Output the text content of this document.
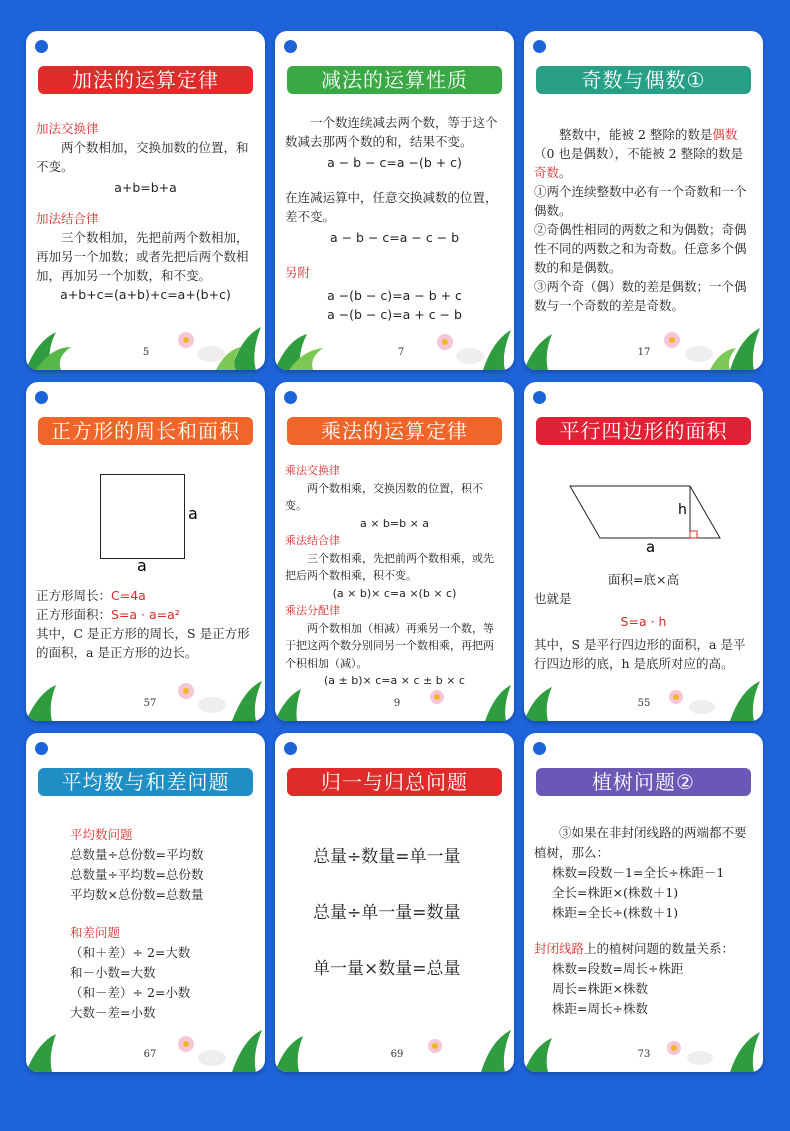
加法的运算定律

加法交换律

两个数相加，交换加数的位置，和不变。

a+b=b+a

加法结合律

三个数相加，先把前两个数相加，再加另一个加数；或者先把后两个数相加，再加另一个加数，和不变。

a+b+c=(a+b)+c=a+(b+c)

5
减法的运算性质

一个数连续减去两个数，等于这个数减去那两个数的和，结果不变。

a − b − c=a −(b + c)

在连减运算中，任意交换减数的位置，差不变。

a − b − c=a − c − b

另附

a −(b − c)=a − b + c

a −(b − c)=a + c − b

7
奇数与偶数①

整数中，能被 2 整除的数是偶数（0 也是偶数），不能被 2 整除的数是奇数。

①两个连续整数中必有一个奇数和一个偶数。

②奇偶性相同的两数之和为偶数；奇偶性不同的两数之和为奇数。任意多个偶数的和是偶数。

③两个奇（偶）数的差是偶数；一个偶数与一个奇数的差是奇数。

17
正方形的周长和面积
a
a

正方形周长：C=4a

正方形面积：S=a · a=a²

其中，C 是正方形的周长，S 是正方形的面积，a 是正方形的边长。

57
乘法的运算定律

乘法交换律

两个数相乘，交换因数的位置，积不变。

a × b=b × a

乘法结合律

三个数相乘，先把前两个数相乘，或先把后两个数相乘，积不变。

(a × b)× c=a ×(b × c)

乘法分配律

两个数相加（相减）再乘另一个数，等于把这两个数分别同另一个数相乘，再把两个积相加（减）。

(a ± b)× c=a × c ± b × c

9
平行四边形的面积
h
a

面积=底×高

也就是

S=a · h

其中，S 是平行四边形的面积，a 是平行四边形的底，h 是底所对应的高。

55
平均数与和差问题

平均数问题

总数量÷总份数=平均数

总数量÷平均数=总份数

平均数×总份数=总数量

和差问题

（和＋差）÷ 2=大数

和－小数=大数

（和－差）÷ 2=小数

大数－差=小数

67
归一与归总问题

总量÷数量=单一量

总量÷单一量=数量

单一量×数量=总量

69
植树问题②

③如果在非封闭线路的两端都不要植树，那么：

株数=段数－1=全长÷株距－1

全长=株距×(株数＋1)

株距=全长÷(株数＋1)

封闭线路上的植树问题的数量关系：

株数=段数=周长÷株距

周长=株距×株数

株距=周长÷株数

73
